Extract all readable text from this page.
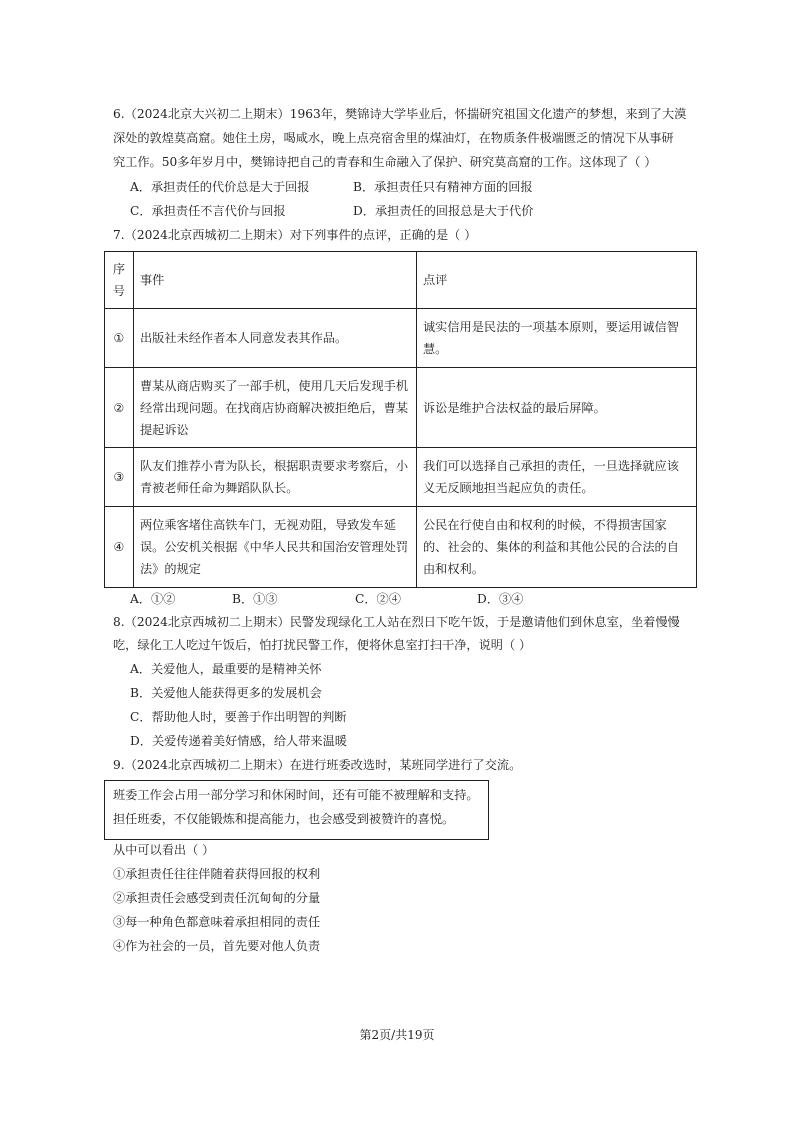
6.（2024北京大兴初二上期末）1963年，樊锦诗大学毕业后，怀揣研究祖国文化遗产的梦想，来到了大漠
深处的敦煌莫高窟。她住土房，喝咸水，晚上点亮宿舍里的煤油灯，在物质条件极端匮乏的情况下从事研
究工作。50多年岁月中，樊锦诗把自己的青春和生命融入了保护、研究莫高窟的工作。这体现了（ ）
A．承担责任的代价总是大于回报	B．承担责任只有精神方面的回报
C．承担责任不言代价与回报	D．承担责任的回报总是大于代价
7.（2024北京西城初二上期末）对下列事件的点评，正确的是（ ）
序号	事件	点评
①	出版社未经作者本人同意发表其作品。	诚实信用是民法的一项基本原则，要运用诚信智慧。
②	曹某从商店购买了一部手机，使用几天后发现手机经常出现问题。在找商店协商解决被拒绝后，曹某提起诉讼	诉讼是维护合法权益的最后屏障。
③	队友们推荐小青为队长，根据职责要求考察后，小青被老师任命为舞蹈队队长。	我们可以选择自己承担的责任，一旦选择就应该义无反顾地担当起应负的责任。
④	两位乘客堵住高铁车门，无视劝阻，导致发车延误。公安机关根据《中华人民共和国治安管理处罚法》的规定	公民在行使自由和权利的时候，不得损害国家的、社会的、集体的利益和其他公民的合法的自由和权利。
A．①②	B．①③	C．②④	D．③④
8.（2024北京西城初二上期末）民警发现绿化工人站在烈日下吃午饭，于是邀请他们到休息室，坐着慢慢
吃，绿化工人吃过午饭后，怕打扰民警工作，便将休息室打扫干净，说明（ ）
A．关爱他人，最重要的是精神关怀
B．关爱他人能获得更多的发展机会
C．帮助他人时，要善于作出明智的判断
D．关爱传递着美好情感，给人带来温暖
9.（2024北京西城初二上期末）在进行班委改选时，某班同学进行了交流。
班委工作会占用一部分学习和休闲时间，还有可能不被理解和支持。
担任班委，不仅能锻炼和提高能力，也会感受到被赞许的喜悦。
从中可以看出（ ）
①承担责任往往伴随着获得回报的权利
②承担责任会感受到责任沉甸甸的分量
③每一种角色都意味着承担相同的责任
④作为社会的一员，首先要对他人负责
第2页/共19页
